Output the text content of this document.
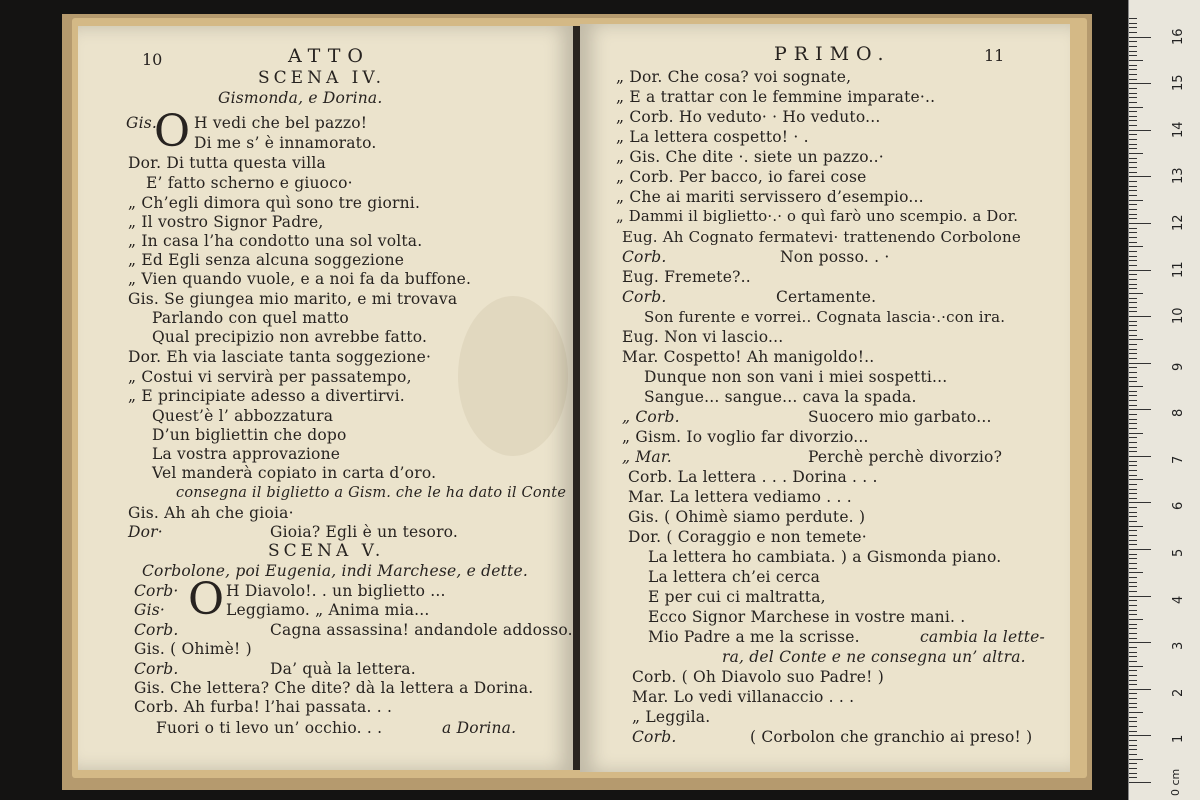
10	ATTO
SCENA IV.
Gismonda, e Dorina.
O
Gis. H vedi che bel pazzo!
Di me s’ è innamorato.
Dor. Di tutta questa villa
E’ fatto scherno e giuoco·
„ Ch’egli dimora quì sono tre giorni.
„ Il vostro Signor Padre,
„ In casa l’ha condotto una sol volta.
„ Ed Egli senza alcuna soggezione
„ Vien quando vuole, e a noi fa da buffone.
Gis. Se giungea mio marito, e mi trovava
Parlando con quel matto
Qual precipizio non avrebbe fatto.
Dor. Eh via lasciate tanta soggezione·
„ Costui vi servirà per passatempo,
„ E principiate adesso a divertirvi.
Quest’è l’ abbozzatura
D’un bigliettin che dopo
La vostra approvazione
Vel manderà copiato in carta d’oro.
consegna il biglietto a Gism. che le ha dato il Conte
Gis. Ah ah che gioia·
Dor·	Gioia? Egli è un tesoro.
SCENA V.
Corbolone, poi Eugenia, indi Marchese, e dette.
O
Corb·	H Diavolo!. . un biglietto ...
Gis·	Leggiamo. „ Anima mia...
Corb.	Cagna assassina! andandole addosso.
Gis. ( Ohimè! )
Corb.	Da’ quà la lettera.
Gis. Che lettera? Che dite? dà la lettera a Dorina.
Corb. Ah furba! l’hai passata. . .
Fuori o ti levo un’ occhio. . .	a Dorina.
PRIMO.	11
„ Dor. Che cosa? voi sognate,
„ E a trattar con le femmine imparate·..
„ Corb. Ho veduto· · Ho veduto...
„ La lettera cospetto! · .
„ Gis. Che dite ·. siete un pazzo..·
„ Corb. Per bacco, io farei cose
„ Che ai mariti servissero d’esempio...
„ Dammi il biglietto·.· o quì farò uno scempio. a Dor.
Eug. Ah Cognato fermatevi· trattenendo Corbolone
Corb.	Non posso. . ·
Eug. Fremete?..
Corb.	Certamente.
Son furente e vorrei.. Cognata lascia·.·con ira.
Eug. Non vi lascio...
Mar. Cospetto! Ah manigoldo!..
Dunque non son vani i miei sospetti...
Sangue... sangue... cava la spada.
„ Corb.	Suocero mio garbato...
„ Gism. Io voglio far divorzio...
„ Mar.	Perchè perchè divorzio?
Corb. La lettera . . . Dorina . . .
Mar. La lettera vediamo . . .
Gis. ( Ohimè siamo perdute. )
Dor. ( Coraggio e non temete·
La lettera ho cambiata. ) a Gismonda piano.
La lettera ch’ei cerca
E per cui ci maltratta,
Ecco Signor Marchese in vostre mani. .
Mio Padre a me la scrisse.	cambia la lette-
ra, del Conte e ne consegna un’ altra.
Corb. ( Oh Diavolo suo Padre! )
Mar. Lo vedi villanaccio . . .
„ Leggila.
Corb.	( Corbolon che granchio ai preso! )
16
15
14
13
12
11
10
9
8
7
6
5
4
3
2
1
0 cm
